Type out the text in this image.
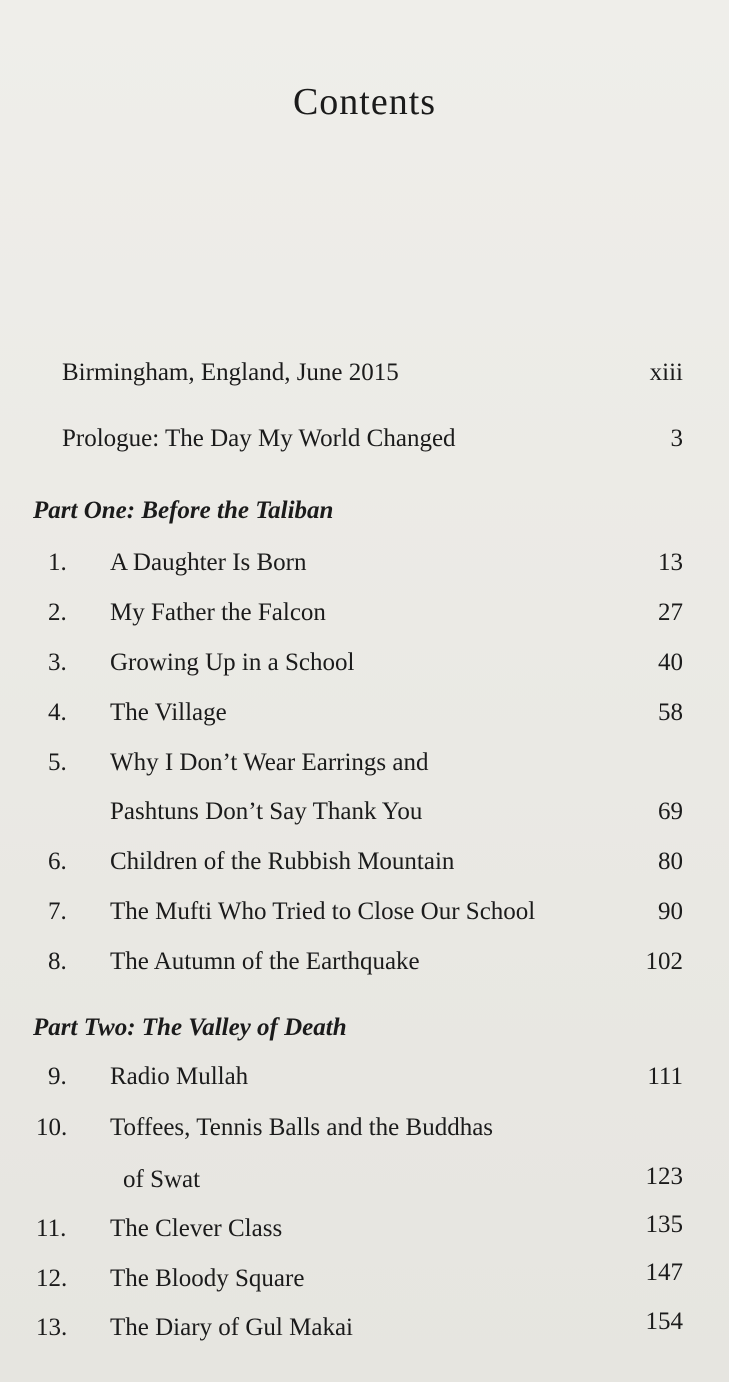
Contents
Birmingham, England, June 2015	xiii
Prologue: The Day My World Changed	3
Part One: Before the Taliban
1. A Daughter Is Born	13
2. My Father the Falcon	27
3. Growing Up in a School	40
4. The Village	58
5. Why I Don’t Wear Earrings and
Pashtuns Don’t Say Thank You	69
6. Children of the Rubbish Mountain	80
7. The Mufti Who Tried to Close Our School	90
8. The Autumn of the Earthquake	102
Part Two: The Valley of Death
9. Radio Mullah	111
10. Toffees, Tennis Balls and the Buddhas
of Swat	123
11. The Clever Class	135
12. The Bloody Square	147
13. The Diary of Gul Makai	154
